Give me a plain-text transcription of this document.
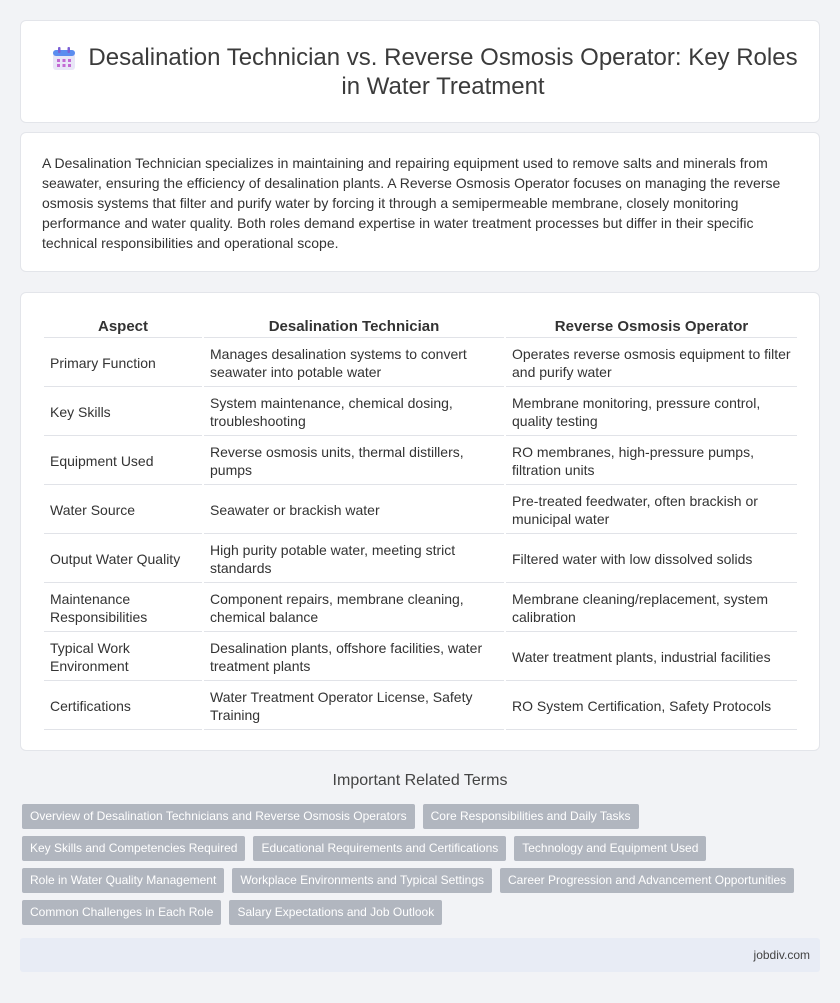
Desalination Technician vs. Reverse Osmosis Operator: Key Roles in Water Treatment

A Desalination Technician specializes in maintaining and repairing equipment used to remove salts and minerals from seawater, ensuring the efficiency of desalination plants. A Reverse Osmosis Operator focuses on managing the reverse osmosis systems that filter and purify water by forcing it through a semipermeable membrane, closely monitoring performance and water quality. Both roles demand expertise in water treatment processes but differ in their specific technical responsibilities and operational scope.

Aspect	Desalination Technician	Reverse Osmosis Operator
Primary Function	Manages desalination systems to convert seawater into potable water	Operates reverse osmosis equipment to filter and purify water
Key Skills	System maintenance, chemical dosing, troubleshooting	Membrane monitoring, pressure control, quality testing
Equipment Used	Reverse osmosis units, thermal distillers, pumps	RO membranes, high-pressure pumps, filtration units
Water Source	Seawater or brackish water	Pre-treated feedwater, often brackish or municipal water
Output Water Quality	High purity potable water, meeting strict standards	Filtered water with low dissolved solids
Maintenance Responsibilities	Component repairs, membrane cleaning, chemical balance	Membrane cleaning/replacement, system calibration
Typical Work Environment	Desalination plants, offshore facilities, water treatment plants	Water treatment plants, industrial facilities
Certifications	Water Treatment Operator License, Safety Training	RO System Certification, Safety Protocols
Important Related Terms
Overview of Desalination Technicians and Reverse Osmosis Operators	Core Responsibilities and Daily Tasks
Key Skills and Competencies Required	Educational Requirements and Certifications	Technology and Equipment Used
Role in Water Quality Management	Workplace Environments and Typical Settings	Career Progression and Advancement Opportunities
Common Challenges in Each Role	Salary Expectations and Job Outlook
jobdiv.com
